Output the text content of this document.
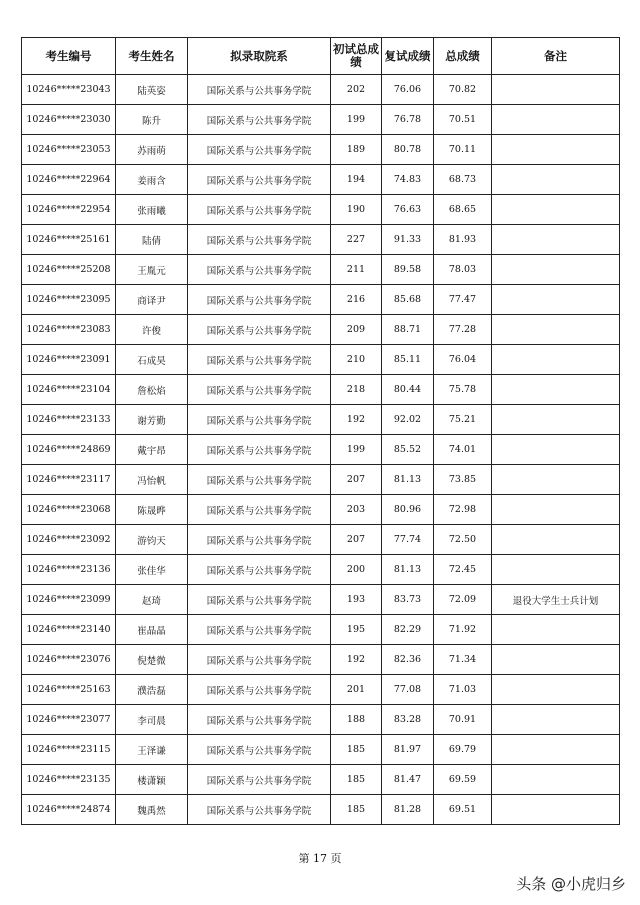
考生编号	考生姓名	拟录取院系	初试总成绩	复试成绩	总成绩	备注
10246*****23043	陆英姿	国际关系与公共事务学院	202	76.06	70.82	
10246*****23030	陈升	国际关系与公共事务学院	199	76.78	70.51	
10246*****23053	苏雨萌	国际关系与公共事务学院	189	80.78	70.11	
10246*****22964	姜雨含	国际关系与公共事务学院	194	74.83	68.73	
10246*****22954	张雨曦	国际关系与公共事务学院	190	76.63	68.65	
10246*****25161	陆倩	国际关系与公共事务学院	227	91.33	81.93	
10246*****25208	王胤元	国际关系与公共事务学院	211	89.58	78.03	
10246*****23095	商译尹	国际关系与公共事务学院	216	85.68	77.47	
10246*****23083	许俊	国际关系与公共事务学院	209	88.71	77.28	
10246*****23091	石成昊	国际关系与公共事务学院	210	85.11	76.04	
10246*****23104	詹松焰	国际关系与公共事务学院	218	80.44	75.78	
10246*****23133	谢芳勤	国际关系与公共事务学院	192	92.02	75.21	
10246*****24869	戴宇昂	国际关系与公共事务学院	199	85.52	74.01	
10246*****23117	冯怡帆	国际关系与公共事务学院	207	81.13	73.85	
10246*****23068	陈晟晔	国际关系与公共事务学院	203	80.96	72.98	
10246*****23092	游钧天	国际关系与公共事务学院	207	77.74	72.50	
10246*****23136	张佳华	国际关系与公共事务学院	200	81.13	72.45	
10246*****23099	赵琦	国际关系与公共事务学院	193	83.73	72.09	退役大学生士兵计划
10246*****23140	崔晶晶	国际关系与公共事务学院	195	82.29	71.92	
10246*****23076	倪楚微	国际关系与公共事务学院	192	82.36	71.34	
10246*****25163	濮浩磊	国际关系与公共事务学院	201	77.08	71.03	
10246*****23077	李司晨	国际关系与公共事务学院	188	83.28	70.91	
10246*****23115	王泽谦	国际关系与公共事务学院	185	81.97	69.79	
10246*****23135	楼潇颖	国际关系与公共事务学院	185	81.47	69.59	
10246*****24874	魏禹然	国际关系与公共事务学院	185	81.28	69.51	
第 17 页
头条 @小虎归乡
